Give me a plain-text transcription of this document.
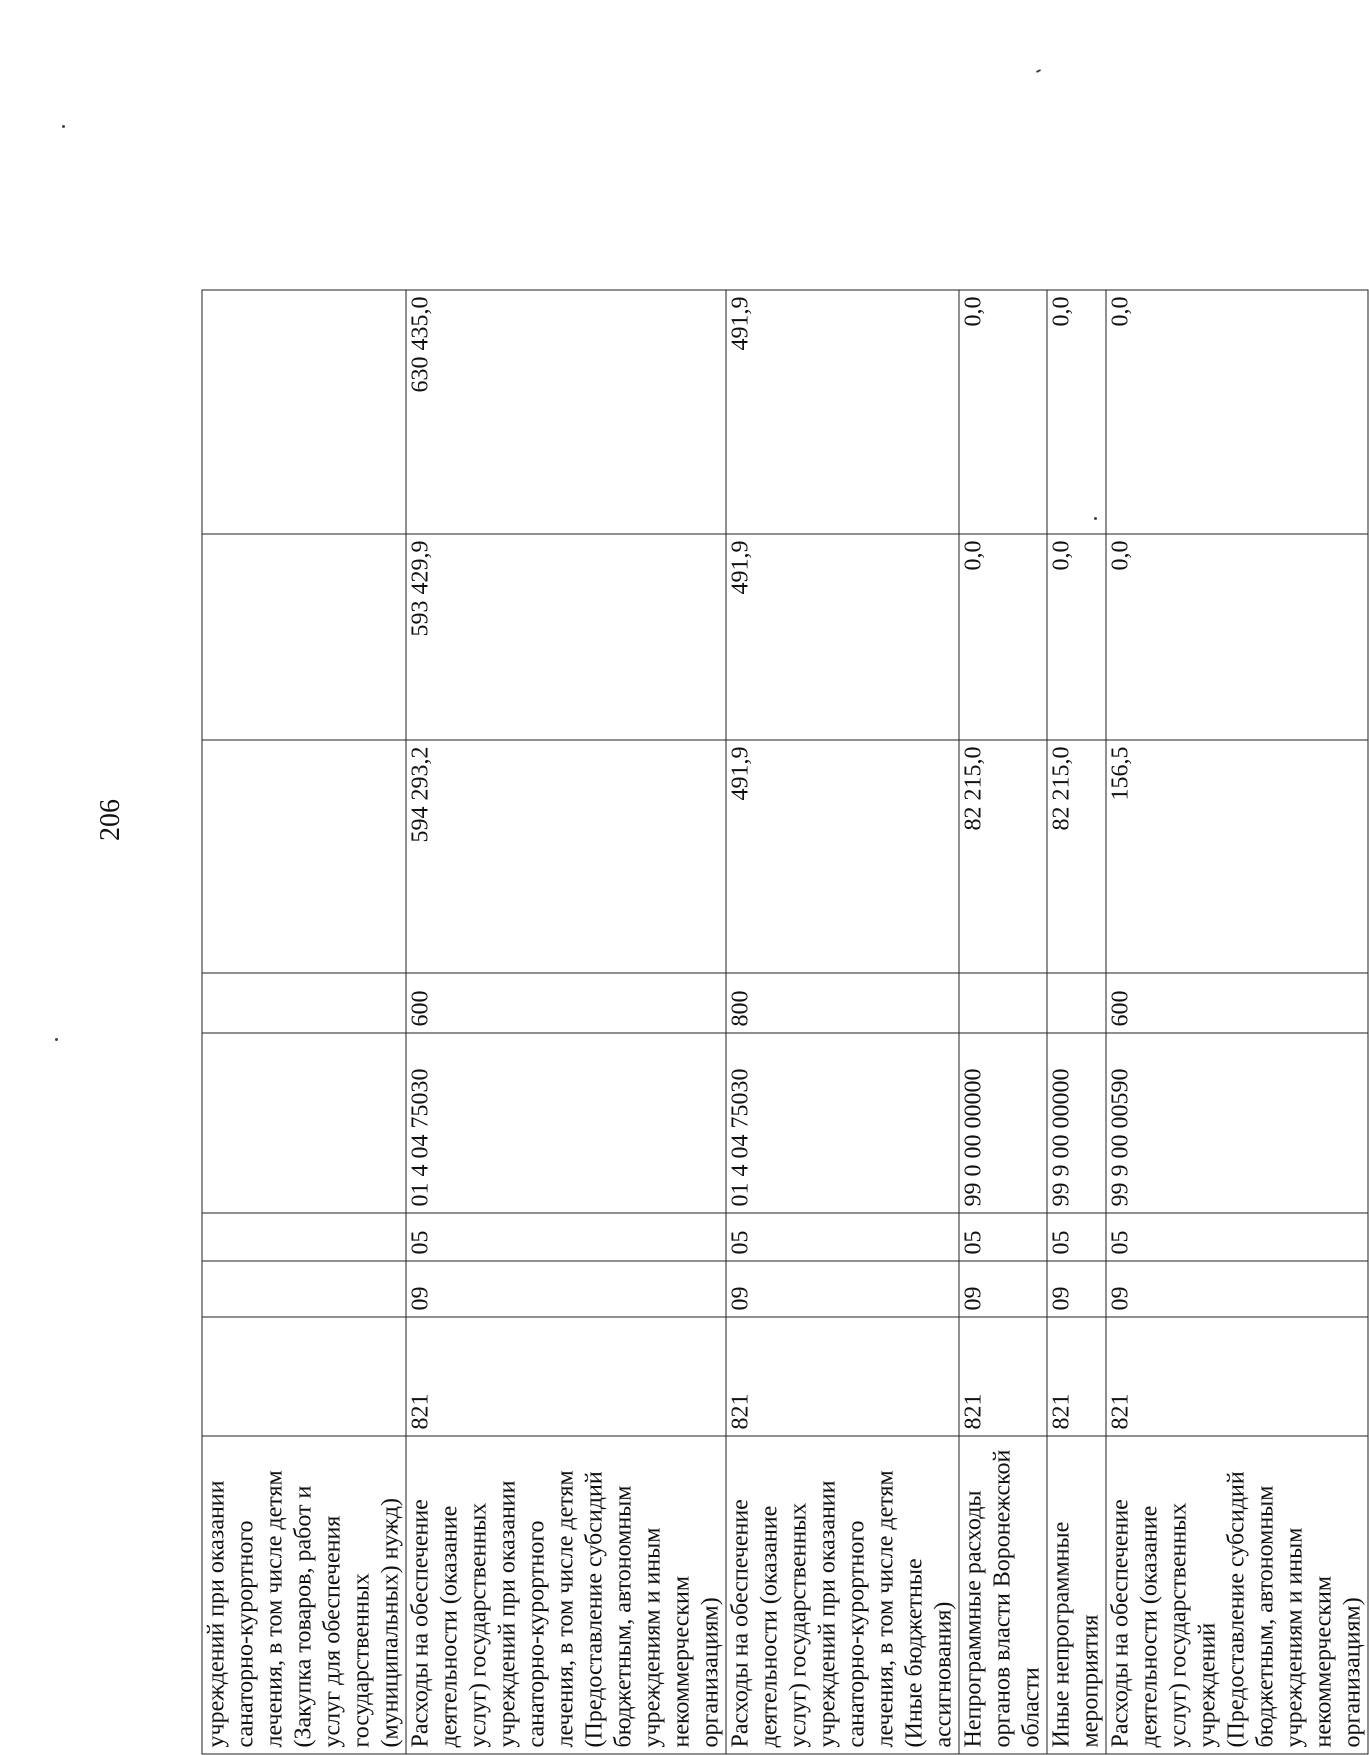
206
учреждений при оказании санаторно-курортного лечения, в том числе детям (Закупка товаров, работ и услуг для обеспечения государственных (муниципальных) нужд)								
Расходы на обеспечение деятельности (оказание услуг) государственных учреждений при оказании санаторно-курортного лечения, в том числе детям (Предоставление субсидий бюджетным, автономным учреждениям и иным некоммерческим организациям)	821	09	05	01 4 04 75030	600	594 293,2	593 429,9	630 435,0
Расходы на обеспечение деятельности (оказание услуг) государственных учреждений при оказании санаторно-курортного лечения, в том числе детям (Иные бюджетные ассигнования)	821	09	05	01 4 04 75030	800	491,9	491,9	491,9
Непрограммные расходы органов власти Воронежской области	821	09	05	99 0 00 00000		82 215,0	0,0	0,0
Иные непрограммные мероприятия	821	09	05	99 9 00 00000		82 215,0	0,0	0,0
Расходы на обеспечение деятельности (оказание услуг) государственных учреждений (Предоставление субсидий бюджетным, автономным учреждениям и иным некоммерческим организациям)	821	09	05	99 9 00 00590	600	156,5	0,0	0,0
